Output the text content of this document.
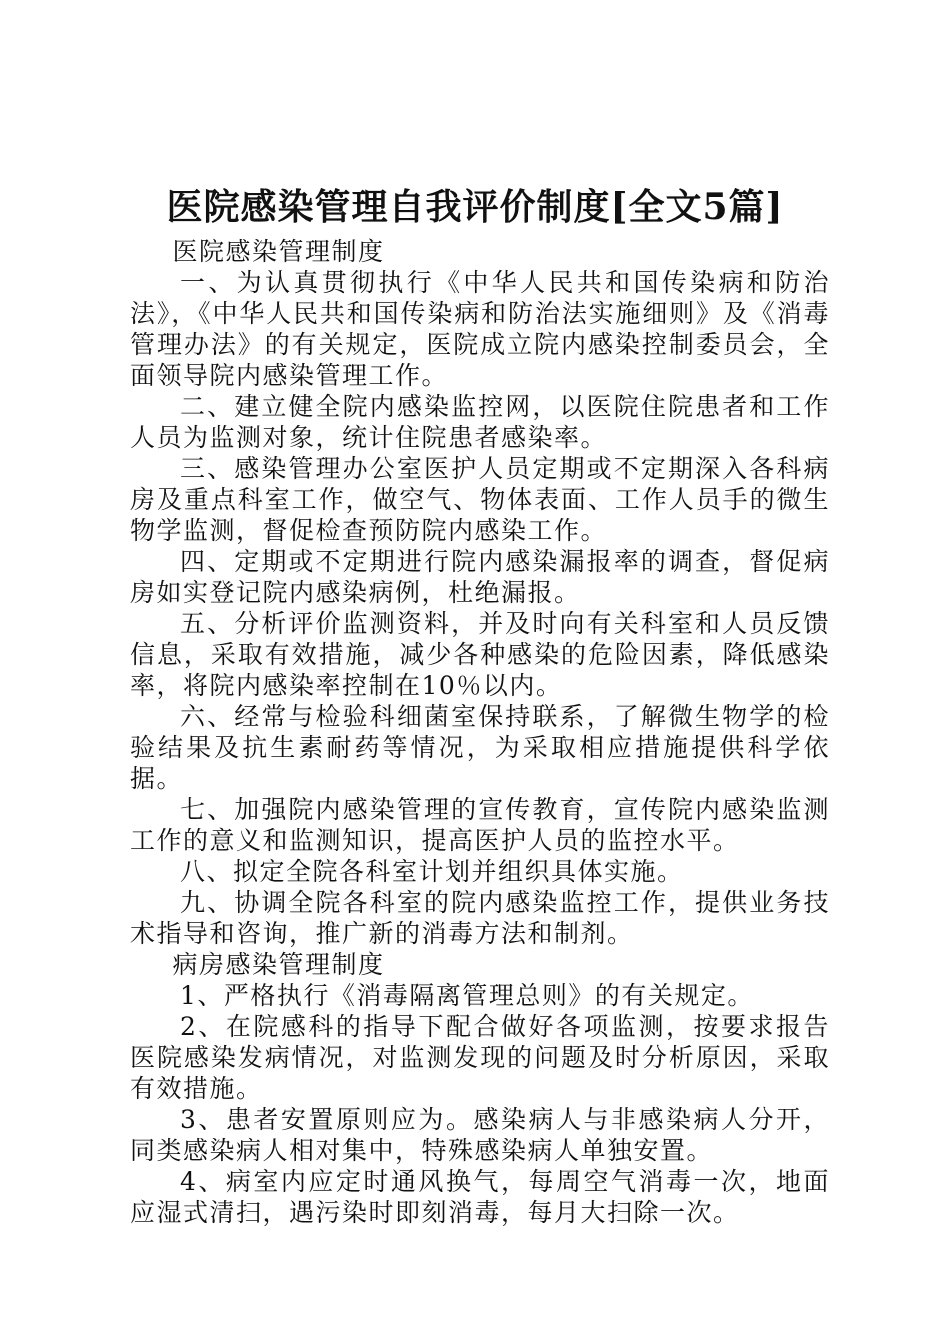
医院感染管理自我评价制度[全文5篇]

医院感染管理制度

一、为认真贯彻执行《中华人民共和国传染病和防治法》，《中华人民共和国传染病和防治法实施细则》及《消毒管理办法》的有关规定，医院成立院内感染控制委员会，全面领导院内感染管理工作。

二、建立健全院内感染监控网，以医院住院患者和工作人员为监测对象，统计住院患者感染率。

三、感染管理办公室医护人员定期或不定期深入各科病房及重点科室工作，做空气、物体表面、工作人员手的微生物学监测，督促检查预防院内感染工作。

四、定期或不定期进行院内感染漏报率的调查，督促病房如实登记院内感染病例，杜绝漏报。

五、分析评价监测资料，并及时向有关科室和人员反馈信息，采取有效措施，减少各种感染的危险因素，降低感染率，将院内感染率控制在10％以内。

六、经常与检验科细菌室保持联系，了解微生物学的检验结果及抗生素耐药等情况，为采取相应措施提供科学依据。

七、加强院内感染管理的宣传教育，宣传院内感染监测工作的意义和监测知识，提高医护人员的监控水平。

八、拟定全院各科室计划并组织具体实施。

九、协调全院各科室的院内感染监控工作，提供业务技术指导和咨询，推广新的消毒方法和制剂。

病房感染管理制度

1、严格执行《消毒隔离管理总则》的有关规定。

2、在院感科的指导下配合做好各项监测，按要求报告医院感染发病情况，对监测发现的问题及时分析原因，采取有效措施。

3、患者安置原则应为。感染病人与非感染病人分开，同类感染病人相对集中，特殊感染病人单独安置。

4、病室内应定时通风换气，每周空气消毒一次，地面应湿式清扫，遇污染时即刻消毒，每月大扫除一次。
